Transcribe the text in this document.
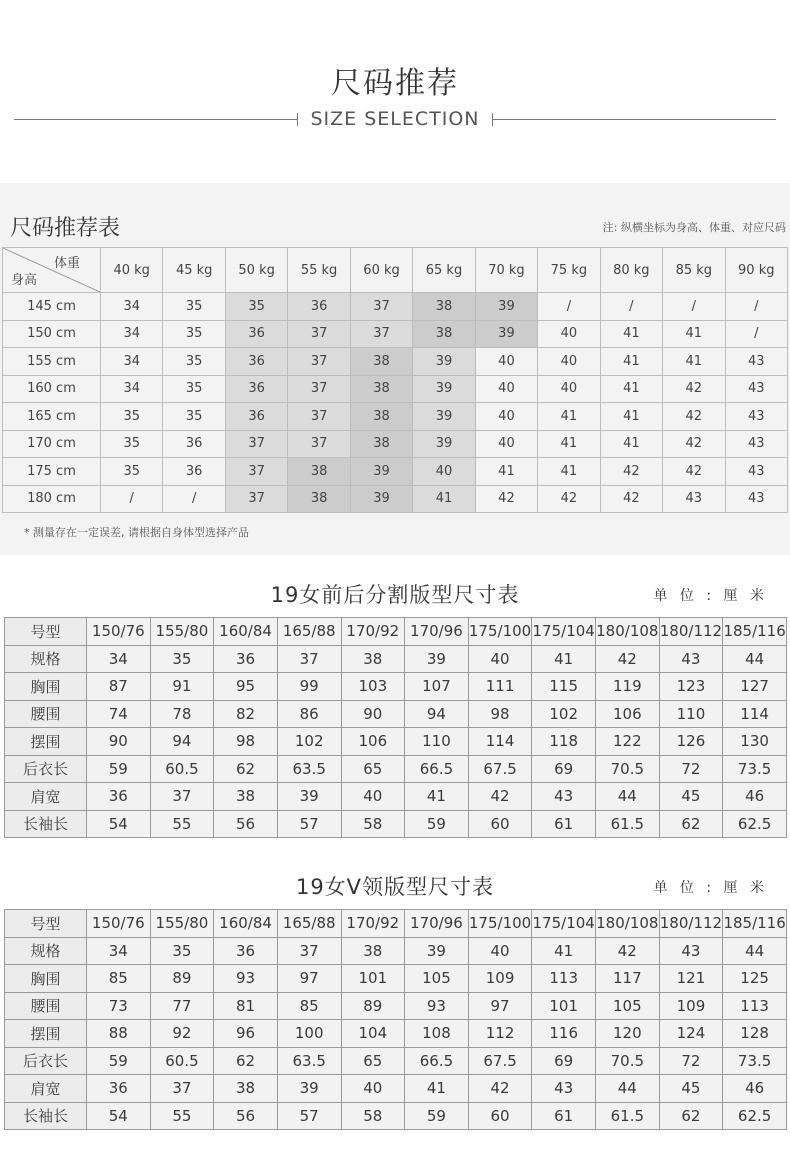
尺码推荐
SIZE SELECTION
尺码推荐表	注: 纵横坐标为身高、体重、对应尺码
体重
身高	40 kg	45 kg	50 kg	55 kg	60 kg	65 kg	70 kg	75 kg	80 kg	85 kg	90 kg
145 cm	34	35	35	36	37	38	39	/	/	/	/
150 cm	34	35	36	37	37	38	39	40	41	41	/
155 cm	34	35	36	37	38	39	40	40	41	41	43
160 cm	34	35	36	37	38	39	40	40	41	42	43
165 cm	35	35	36	37	38	39	40	41	41	42	43
170 cm	35	36	37	37	38	39	40	41	41	42	43
175 cm	35	36	37	38	39	40	41	41	42	42	43
180 cm	/	/	37	38	39	41	42	42	42	43	43
* 测量存在一定误差, 请根据自身体型选择产品
19女前后分割版型尺寸表	单 位 : 厘 米
号型	150/76	155/80	160/84	165/88	170/92	170/96	175/100	175/104	180/108	180/112	185/116
规格	34	35	36	37	38	39	40	41	42	43	44
胸围	87	91	95	99	103	107	111	115	119	123	127
腰围	74	78	82	86	90	94	98	102	106	110	114
摆围	90	94	98	102	106	110	114	118	122	126	130
后衣长	59	60.5	62	63.5	65	66.5	67.5	69	70.5	72	73.5
肩宽	36	37	38	39	40	41	42	43	44	45	46
长袖长	54	55	56	57	58	59	60	61	61.5	62	62.5
19女V领版型尺寸表	单 位 : 厘 米
号型	150/76	155/80	160/84	165/88	170/92	170/96	175/100	175/104	180/108	180/112	185/116
规格	34	35	36	37	38	39	40	41	42	43	44
胸围	85	89	93	97	101	105	109	113	117	121	125
腰围	73	77	81	85	89	93	97	101	105	109	113
摆围	88	92	96	100	104	108	112	116	120	124	128
后衣长	59	60.5	62	63.5	65	66.5	67.5	69	70.5	72	73.5
肩宽	36	37	38	39	40	41	42	43	44	45	46
长袖长	54	55	56	57	58	59	60	61	61.5	62	62.5
